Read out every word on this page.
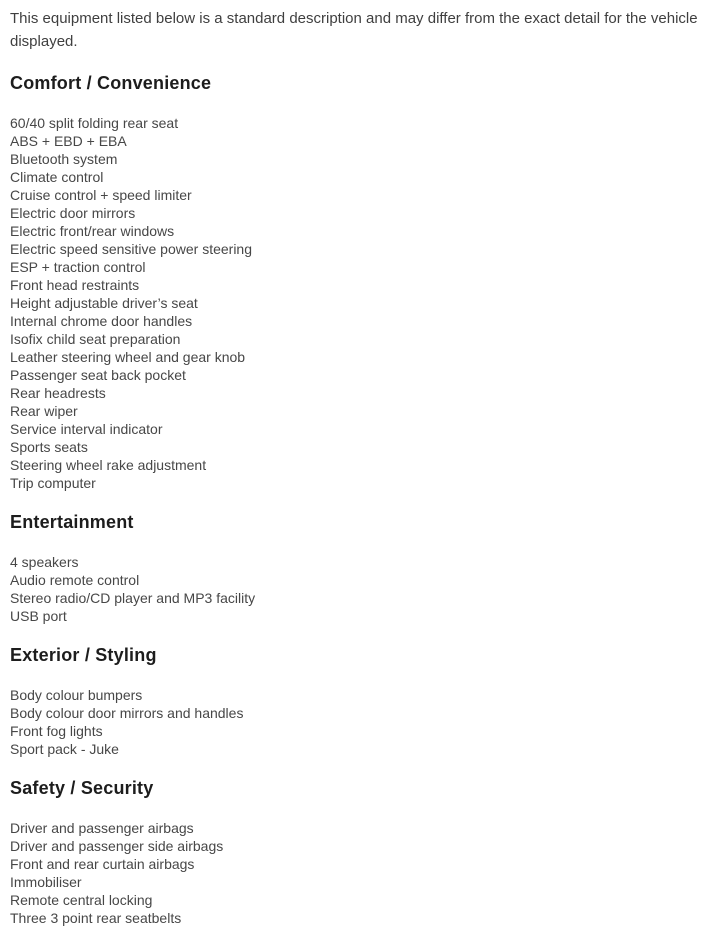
This equipment listed below is a standard description and may differ from the exact detail for the vehicle displayed.

Comfort / Convenience
60/40 split folding rear seat
ABS + EBD + EBA
Bluetooth system
Climate control
Cruise control + speed limiter
Electric door mirrors
Electric front/rear windows
Electric speed sensitive power steering
ESP + traction control
Front head restraints
Height adjustable driver’s seat
Internal chrome door handles
Isofix child seat preparation
Leather steering wheel and gear knob
Passenger seat back pocket
Rear headrests
Rear wiper
Service interval indicator
Sports seats
Steering wheel rake adjustment
Trip computer
Entertainment
4 speakers
Audio remote control
Stereo radio/CD player and MP3 facility
USB port
Exterior / Styling
Body colour bumpers
Body colour door mirrors and handles
Front fog lights
Sport pack - Juke
Safety / Security
Driver and passenger airbags
Driver and passenger side airbags
Front and rear curtain airbags
Immobiliser
Remote central locking
Three 3 point rear seatbelts
